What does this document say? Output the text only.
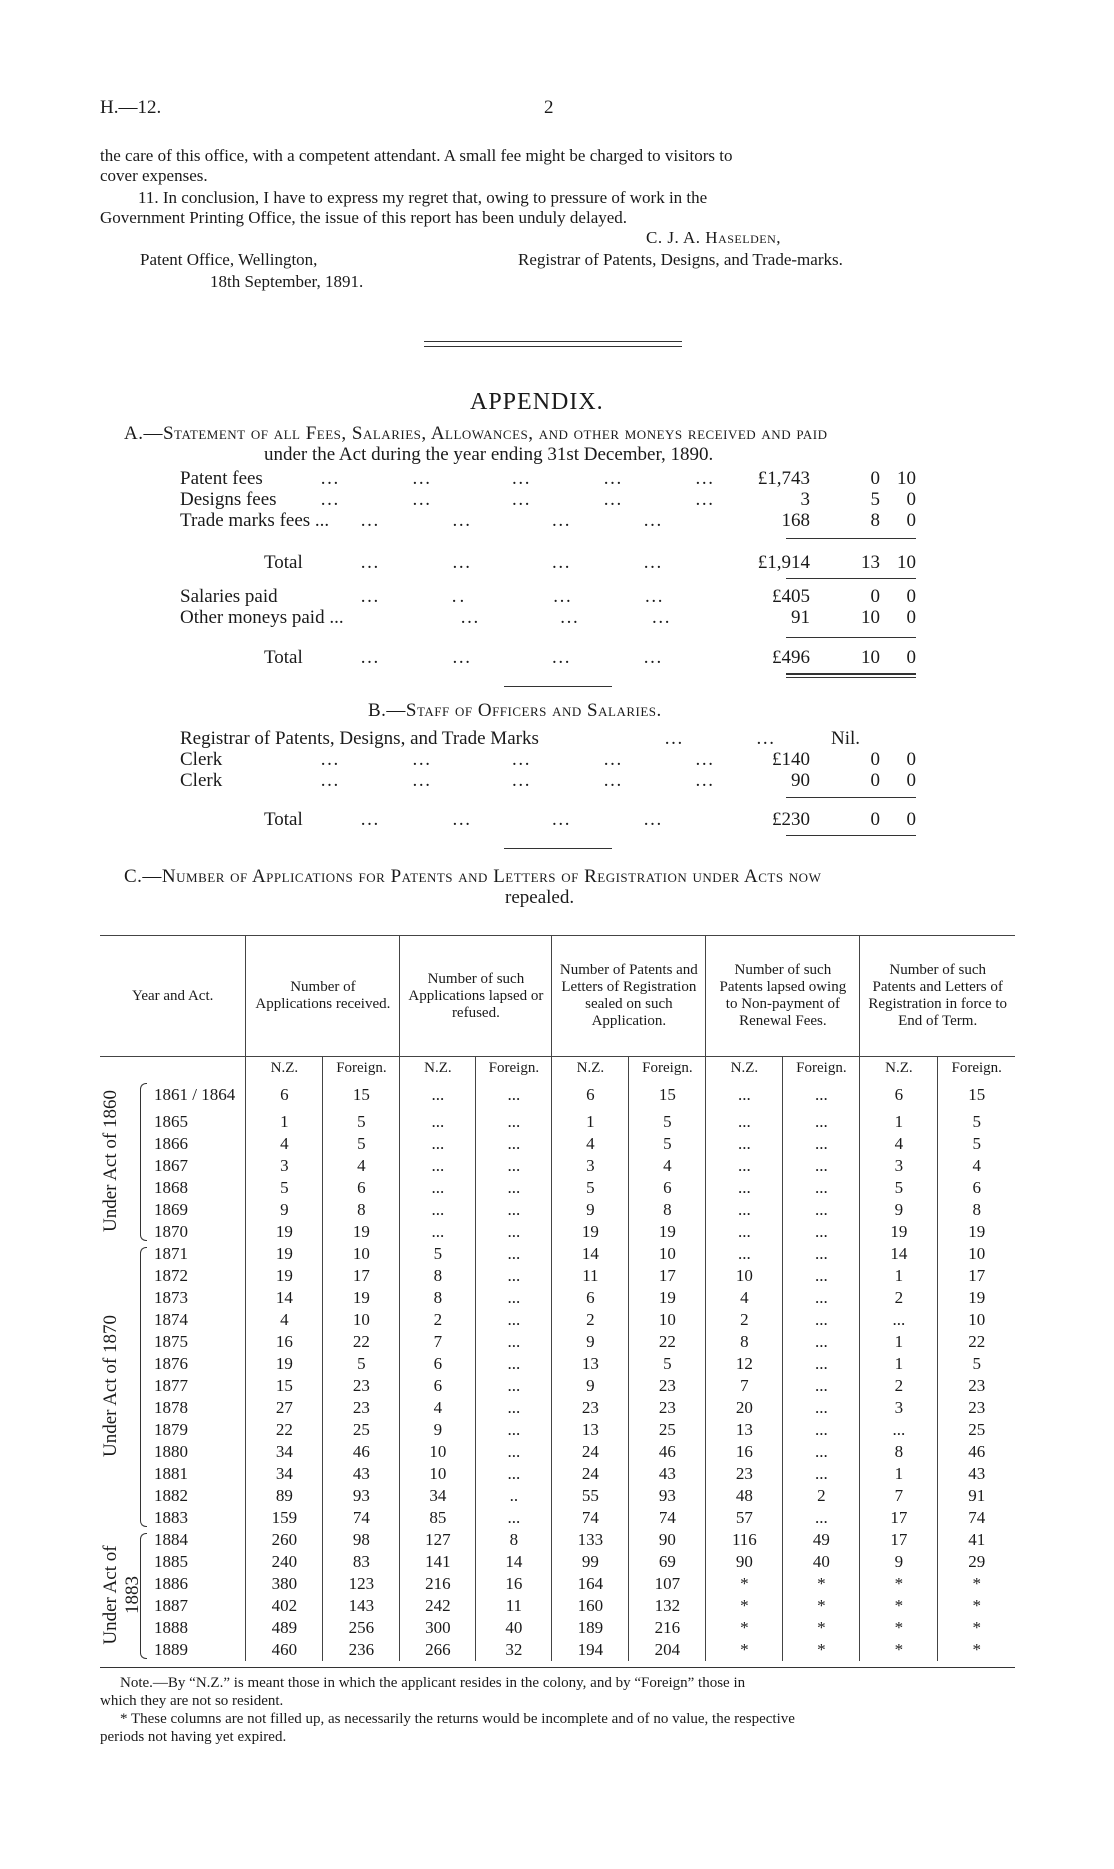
H.—12.	2
the care of this office, with a competent attendant. A small fee might be charged to visitors to
cover expenses.
11. In conclusion, I have to express my regret that, owing to pressure of work in the
Government Printing Office, the issue of this report has been unduly delayed.
C. J. A. Haselden,
Patent Office, Wellington,	Registrar of Patents, Designs, and Trade-marks.
18th September, 1891.
APPENDIX.
A.—Statement of all Fees, Salaries, Allowances, and other moneys received and paid
under the Act during the year ending 31st December, 1890.
Patent fees	…         …          …         …         … £1,743	0 10
Designs fees …         …          …         …         …	3	5 0
Trade marks fees ... …         …          …         …	168	8 0
Total	…         …          …         …	£1,914	13 10
Salaries paid	…         ..           …         …	£405	0 0
Other moneys paid ...	…          …         …	91	10 0
Total	…         …          …         …	£496	10 0
B.—Staff of Officers and Salaries.
Registrar of Patents, Designs, and Trade Marks	…         …	Nil.
Clerk	…         …          …         …         …	£140	0 0
Clerk	…         …          …         …         …	90	0 0
Total	…         …          …         …	£230	0 0
C.—Number of Applications for Patents and Letters of Registration under Acts now
repealed.
Year and Act.	Number of Applications received.		Number of such Applications lapsed or refused.		Number of Patents and Letters of Registration sealed on such Application.		Number of such Patents lapsed owing to Non-payment of Renewal Fees.		Number of such Patents and Letters of Registration in force to End of Term.	
	N.Z.	Foreign.	N.Z.	Foreign.	N.Z.	Foreign.	N.Z.	Foreign.	N.Z.	Foreign.

Under Act of 1860 1861 / 1864	6	15	...	...	6	15	...	...	6	15
1865	1	5	...	...	1	5	...	...	1	5
1866	4	5	...	...	4	5	...	...	4	5
1867	3	4	...	...	3	4	...	...	3	4
1868	5	6	...	...	5	6	...	...	5	6
1869	9	8	...	...	9	8	...	...	9	8
1870	19	19	...	...	19	19	...	...	19	19

Under Act of 1870
1871	19	10	5	...	14	10	...	...	14	10
1872	19	17	8	...	11	17	10	...	1	17
1873	14	19	8	...	6	19	4	...	2	19
1874	4	10	2	...	2	10	2	...	...	10
1875	16	22	7	...	9	22	8	...	1	22
1876	19	5	6	...	13	5	12	...	1	5
1877	15	23	6	...	9	23	7	...	2	23
1878	27	23	4	...	23	23	20	...	3	23
1879	22	25	9	...	13	25	13	...	...	25
1880	34	46	10	...	24	46	16	...	8	46
1881	34	43	10	...	24	43	23	...	1	43
1882	89	93	34	..	55	93	48	2	7	91
1883	159	74	85	...	74	74	57	...	17	74

Under Act of 1883
1884	260	98	127	8	133	90	116	49	17	41
1885	240	83	141	14	99	69	90	40	9	29
1886	380	123	216	16	164	107	*	*	*	*
1887	402	143	242	11	160	132	*	*	*	*
1888	489	256	300	40	189	216	*	*	*	*
1889	460	236	266	32	194	204	*	*	*	*
Note.—By “N.Z.” is meant those in which the applicant resides in the colony, and by “Foreign” those in
which they are not so resident.
* These columns are not filled up, as necessarily the returns would be incomplete and of no value, the respective
periods not having yet expired.
